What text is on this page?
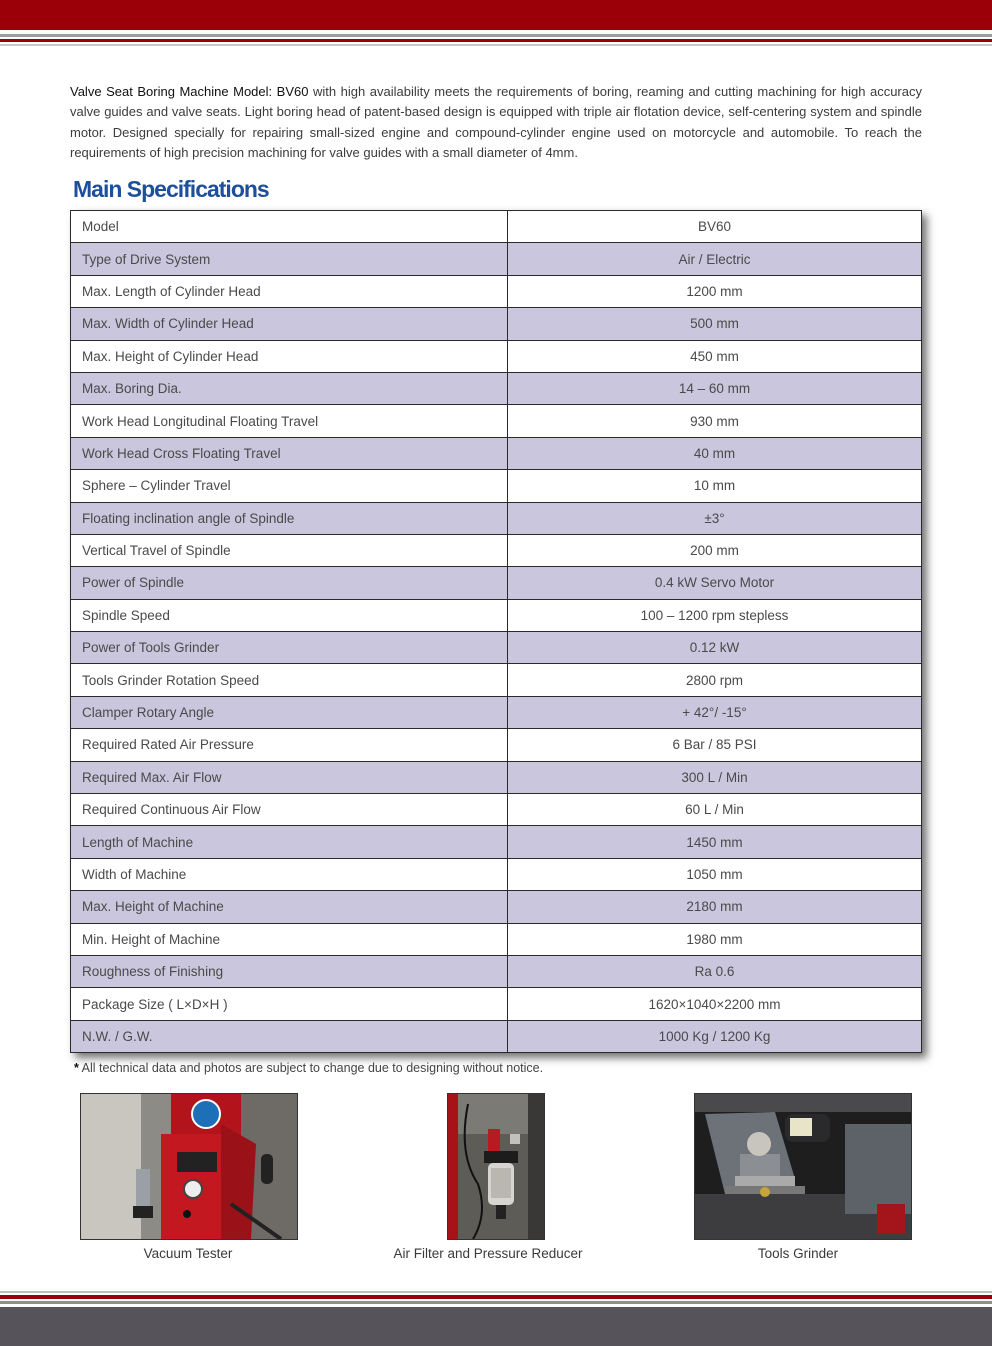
Valve Seat Boring Machine Model: BV60 with high availability meets the requirements of boring, reaming and cutting machining for high accuracy valve guides and valve seats. Light boring head of patent-based design is equipped with triple air flotation device, self-centering system and spindle motor. Designed specially for repairing small-sized engine and compound-cylinder engine used on motorcycle and automobile. To reach the requirements of high precision machining for valve guides with a small diameter of 4mm.

Main Specifications
Model	BV60
Type of Drive System	Air / Electric
Max. Length of Cylinder Head	1200 mm
Max. Width of Cylinder Head	500 mm
Max. Height of Cylinder Head	450 mm
Max. Boring Dia.	14 – 60 mm
Work Head Longitudinal Floating Travel	930 mm
Work Head Cross Floating Travel	40 mm
Sphere – Cylinder Travel	10 mm
Floating inclination angle of Spindle	±3°
Vertical Travel of Spindle	200 mm
Power of Spindle	0.4 kW Servo Motor
Spindle Speed	100 – 1200 rpm stepless
Power of Tools Grinder	0.12 kW
Tools Grinder Rotation Speed	2800 rpm
Clamper Rotary Angle	+ 42°/ -15°
Required Rated Air Pressure	6 Bar / 85 PSI
Required Max. Air Flow	300 L / Min
Required Continuous Air Flow	60 L / Min
Length of Machine	1450 mm
Width of Machine	1050 mm
Max. Height of Machine	2180 mm
Min. Height of Machine	1980 mm
Roughness of Finishing	Ra 0.6
Package Size ( L×D×H )	1620×1040×2200 mm
N.W. / G.W.	1000 Kg / 1200 Kg

* All technical data and photos are subject to change due to designing without notice.

Vacuum Tester	Air Filter and Pressure Reducer	Tools Grinder
